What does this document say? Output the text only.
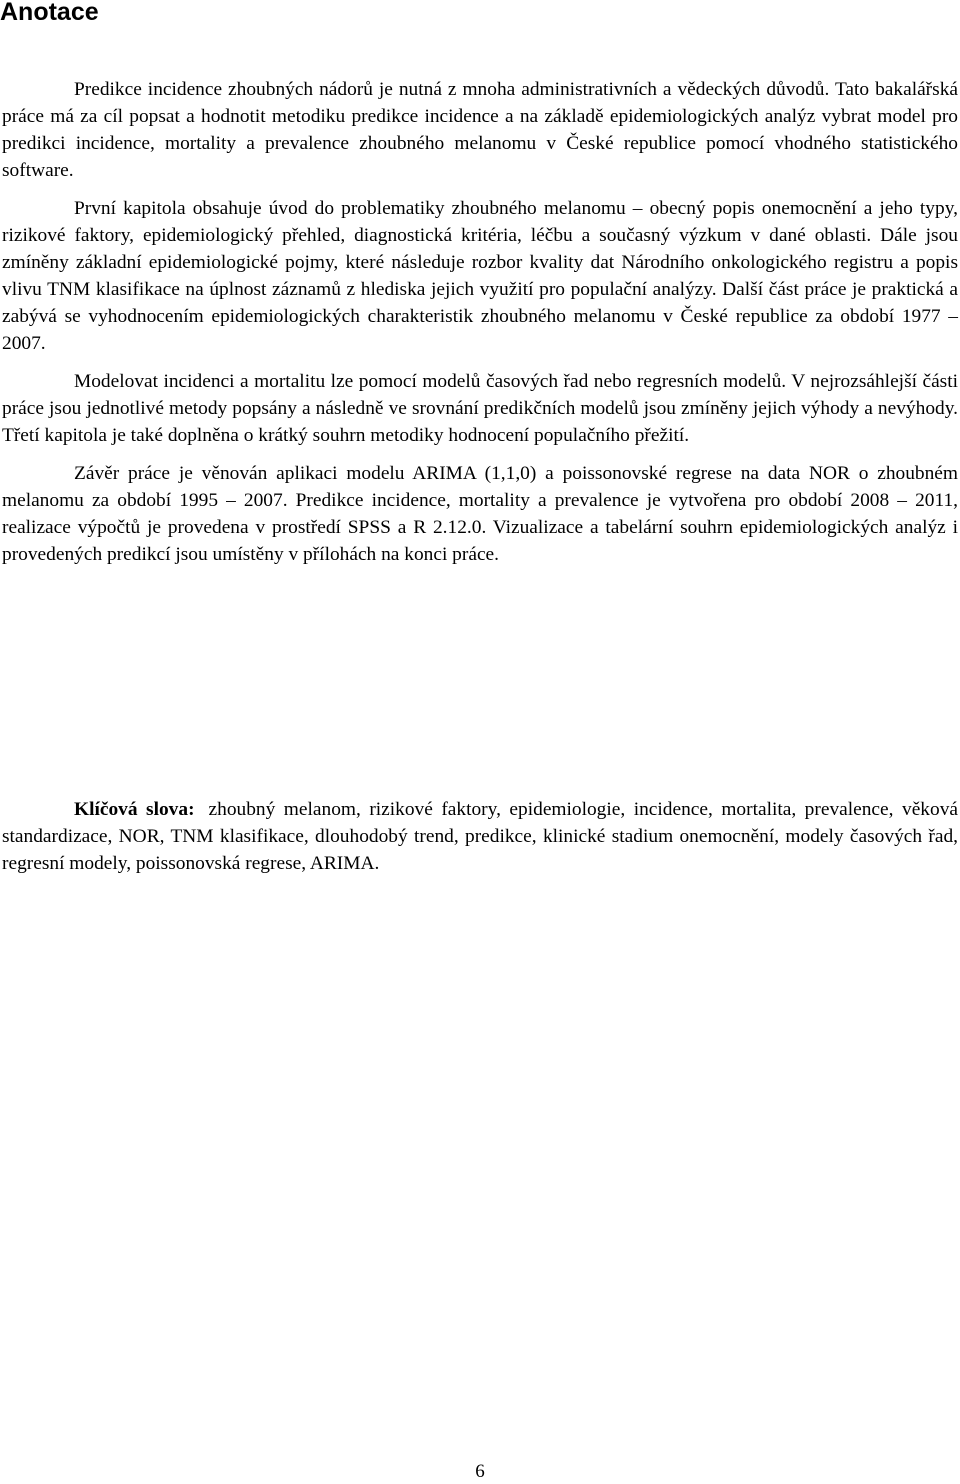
Anotace

Predikce incidence zhoubných nádorů je nutná z mnoha administrativních a vědeckých důvodů. Tato bakalářská práce má za cíl popsat a hodnotit metodiku predikce incidence a na základě epidemiologických analýz vybrat model pro predikci incidence, mortality a prevalence zhoubného melanomu v České republice pomocí vhodného statistického software.

První kapitola obsahuje úvod do problematiky zhoubného melanomu – obecný popis onemocnění a jeho typy, rizikové faktory, epidemiologický přehled, diagnostická kritéria, léčbu a současný výzkum v dané oblasti. Dále jsou zmíněny základní epidemiologické pojmy, které následuje rozbor kvality dat Národního onkologického registru a popis vlivu TNM klasifikace na úplnost záznamů z hlediska jejich využití pro populační analýzy. Další část práce je praktická a zabývá se vyhodnocením epidemiologických charakteristik zhoubného melanomu v České republice za období 1977 – 2007.

Modelovat incidenci a mortalitu lze pomocí modelů časových řad nebo regresních modelů. V nejrozsáhlejší části práce jsou jednotlivé metody popsány a následně ve srovnání predikčních modelů jsou zmíněny jejich výhody a nevýhody. Třetí kapitola je také doplněna o krátký souhrn metodiky hodnocení populačního přežití.

Závěr práce je věnován aplikaci modelu ARIMA (1,1,0) a poissonovské regrese na data NOR o zhoubném melanomu za období 1995 – 2007. Predikce incidence, mortality a prevalence je vytvořena pro období 2008 – 2011, realizace výpočtů je provedena v prostředí SPSS a R 2.12.0. Vizualizace a tabelární souhrn epidemiologických analýz i provedených predikcí jsou umístěny v přílohách na konci práce.

Klíčová slova: zhoubný melanom, rizikové faktory, epidemiologie, incidence, mortalita, prevalence, věková standardizace, NOR, TNM klasifikace, dlouhodobý trend, predikce, klinické stadium onemocnění, modely časových řad, regresní modely, poissonovská regrese, ARIMA.

6
